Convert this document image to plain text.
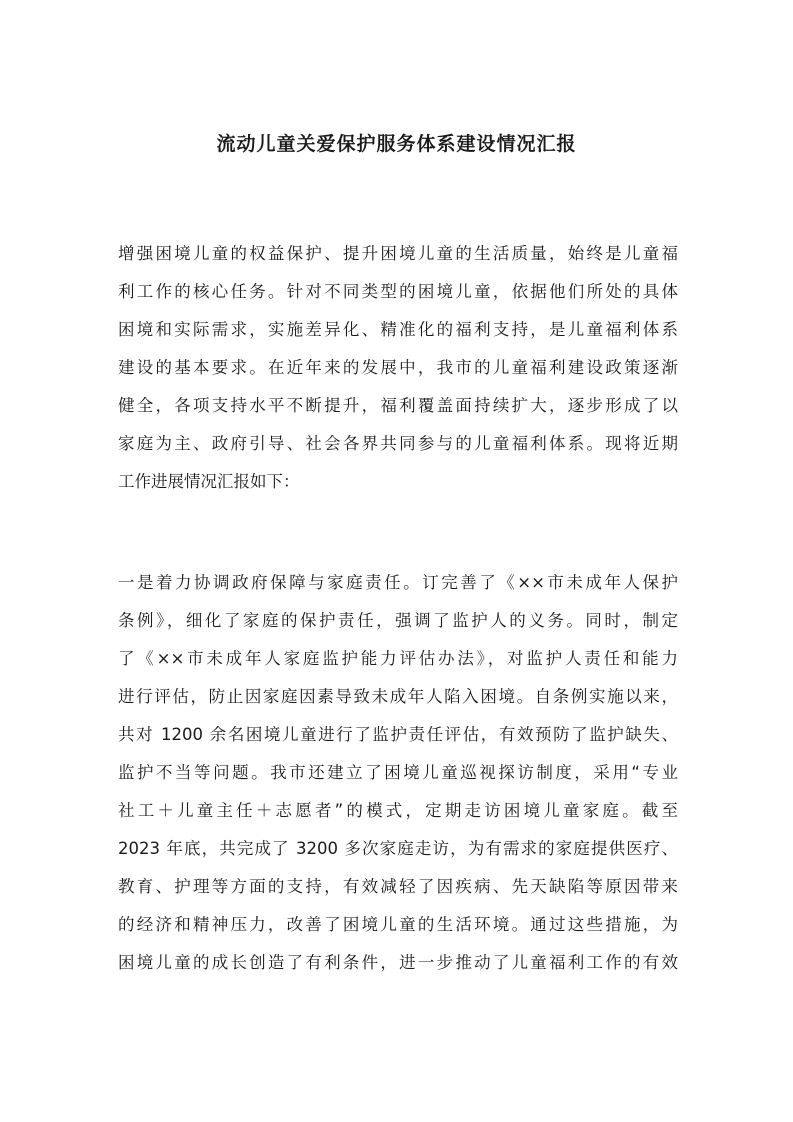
流动儿童关爱保护服务体系建设情况汇报
增强困境儿童的权益保护、提升困境儿童的生活质量，始终是儿童福
利工作的核心任务。针对不同类型的困境儿童，依据他们所处的具体
困境和实际需求，实施差异化、精准化的福利支持，是儿童福利体系
建设的基本要求。在近年来的发展中，我市的儿童福利建设政策逐渐
健全，各项支持水平不断提升，福利覆盖面持续扩大，逐步形成了以
家庭为主、政府引导、社会各界共同参与的儿童福利体系。现将近期
工作进展情况汇报如下：
一是着力协调政府保障与家庭责任。订完善了《××市未成年人保护
条例》，细化了家庭的保护责任，强调了监护人的义务。同时，制定
了《××市未成年人家庭监护能力评估办法》，对监护人责任和能力
进行评估，防止因家庭因素导致未成年人陷入困境。自条例实施以来，
共对 1200 余名困境儿童进行了监护责任评估，有效预防了监护缺失、
监护不当等问题。我市还建立了困境儿童巡视探访制度，采用“专业
社工＋儿童主任＋志愿者”的模式，定期走访困境儿童家庭。截至
2023 年底，共完成了 3200 多次家庭走访，为有需求的家庭提供医疗、
教育、护理等方面的支持，有效减轻了因疾病、先天缺陷等原因带来
的经济和精神压力，改善了困境儿童的生活环境。通过这些措施，为
困境儿童的成长创造了有利条件，进一步推动了儿童福利工作的有效
